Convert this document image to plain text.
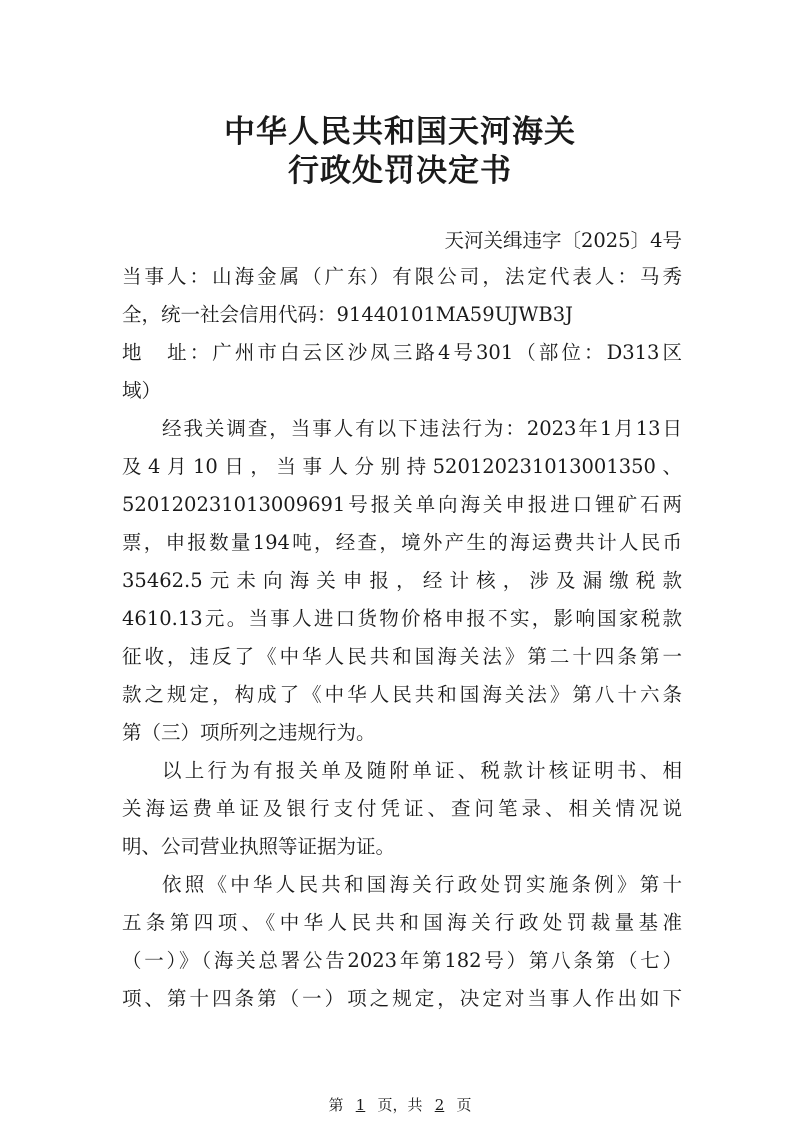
中华人民共和国天河海关
行政处罚决定书
天河关缉违字〔2025〕4号
当事人：山海金属（广东）有限公司，法定代表人：马秀
全，统一社会信用代码：91440101MA59UJWB3J
地　址：广州市白云区沙凤三路4号301（部位：D313区
域）
经我关调查，当事人有以下违法行为：2023年1月13日
及4月10日，当事人分别持520120231013001350、
520120231013009691号报关单向海关申报进口锂矿石两
票，申报数量194吨，经查，境外产生的海运费共计人民币
35462.5元未向海关申报，经计核，涉及漏缴税款
4610.13元。当事人进口货物价格申报不实，影响国家税款
征收，违反了《中华人民共和国海关法》第二十四条第一
款之规定，构成了《中华人民共和国海关法》第八十六条
第（三）项所列之违规行为。
以上行为有报关单及随附单证、税款计核证明书、相
关海运费单证及银行支付凭证、查问笔录、相关情况说
明、公司营业执照等证据为证。
依照《中华人民共和国海关行政处罚实施条例》第十
五条第四项、《中华人民共和国海关行政处罚裁量基准
（一）》（海关总署公告2023年第182号）第八条第（七）
项、第十四条第（一）项之规定，决定对当事人作出如下
第 1 页，共 2 页
